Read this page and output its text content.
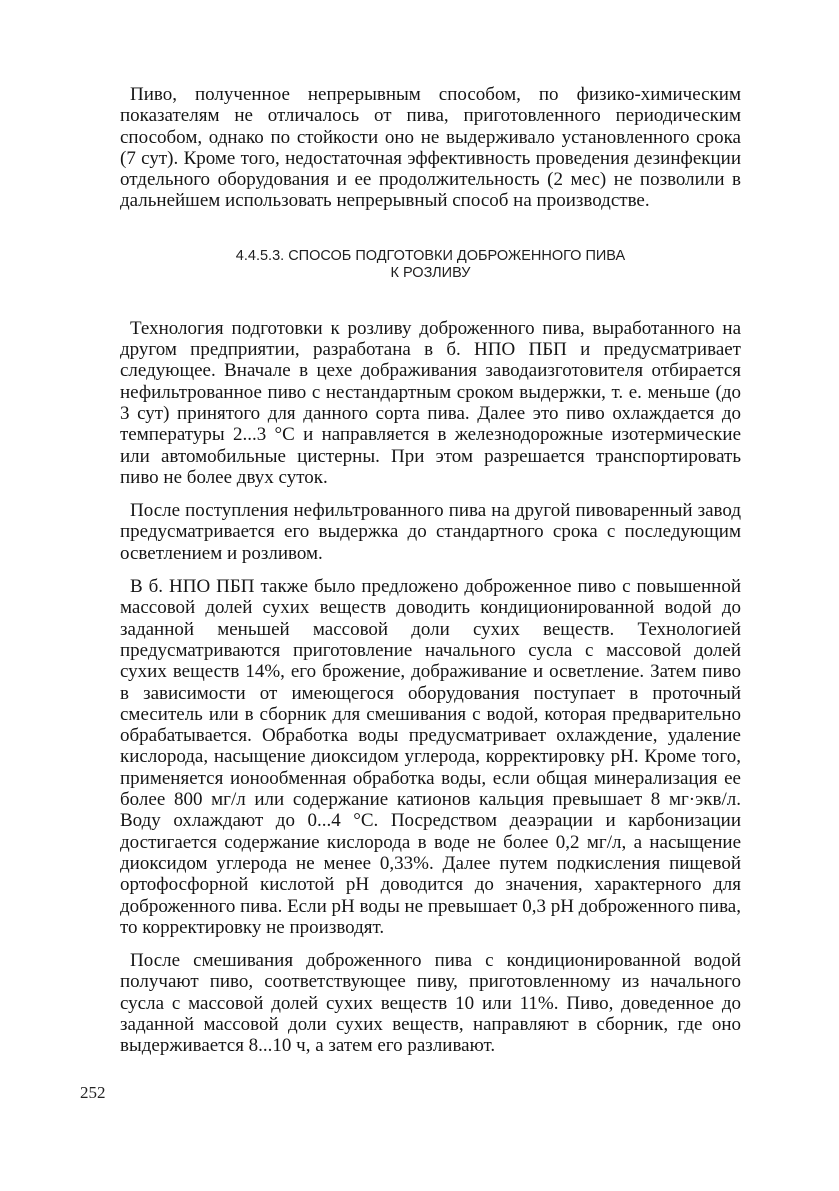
Пиво, полученное непрерывным способом, по физико-химическим показателям не отличалось от пива, приготовленного периодическим способом, однако по стойкости оно не выдерживало установленного срока (7 сут). Кроме того, недостаточная эффективность проведения дезинфекции отдельного оборудования и ее продолжительность (2 мес) не позволили в дальнейшем использовать непрерывный способ на производстве.

4.4.5.3. СПОСОБ ПОДГОТОВКИ ДОБРОЖЕННОГО ПИВА
К РОЗЛИВУ

Технология подготовки к розливу доброженного пива, выработанного на другом предприятии, разработана в б. НПО ПБП и предусматривает следующее. Вначале в цехе дображивания заводаизготовителя отбирается нефильтрованное пиво с нестандартным сроком выдержки, т. е. меньше (до 3 сут) принятого для данного сорта пива. Далее это пиво охлаждается до температуры 2...3 °С и направляется в железнодорожные изотермические или автомобильные цистерны. При этом разрешается транспортировать пиво не более двух суток.

После поступления нефильтрованного пива на другой пивоваренный завод предусматривается его выдержка до стандартного срока с последующим осветлением и розливом.

В б. НПО ПБП также было предложено доброженное пиво с повышенной массовой долей сухих веществ доводить кондиционированной водой до заданной меньшей массовой доли сухих веществ. Технологией предусматриваются приготовление начального сусла с массовой долей сухих веществ 14%, его брожение, дображивание и осветление. Затем пиво в зависимости от имеющегося оборудования поступает в проточный смеситель или в сборник для смешивания с водой, которая предварительно обрабатывается. Обработка воды предусматривает охлаждение, удаление кислорода, насыщение диоксидом углерода, корректировку pH. Кроме того, применяется ионообменная обработка воды, если общая минерализация ее более 800 мг/л или содержание катионов кальция превышает 8 мг·экв/л. Воду охлаждают до 0...4 °С. Посредством деаэрации и карбонизации достигается содержание кислорода в воде не более 0,2 мг/л, а насыщение диоксидом углерода не менее 0,33%. Далее путем подкисления пищевой ортофосфорной кислотой pH доводится до значения, характерного для доброженного пива. Если pH воды не превышает 0,3 pH доброженного пива, то корректировку не производят.

После смешивания доброженного пива с кондиционированной водой получают пиво, соответствующее пиву, приготовленному из начального сусла с массовой долей сухих веществ 10 или 11%. Пиво, доведенное до заданной массовой доли сухих веществ, направляют в сборник, где оно выдерживается 8...10 ч, а затем его разливают.

252
